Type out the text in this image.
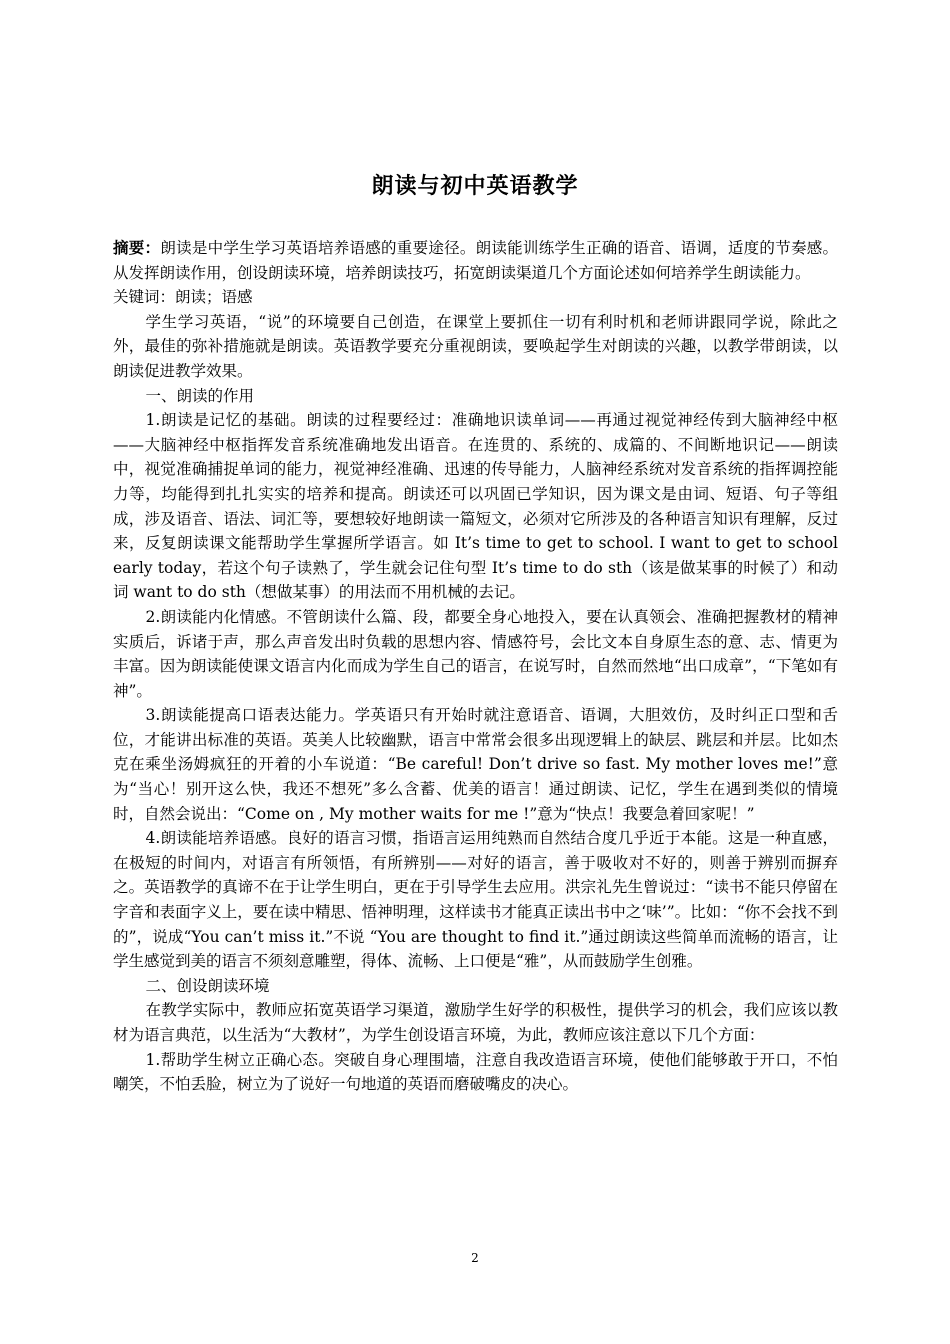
朗读与初中英语教学

摘要：朗读是中学生学习英语培养语感的重要途径。朗读能训练学生正确的语音、语调，适度的节奏感。从发挥朗读作用，创设朗读环境，培养朗读技巧，拓宽朗读渠道几个方面论述如何培养学生朗读能力。

关键词：朗读；语感

学生学习英语，“说”的环境要自己创造，在课堂上要抓住一切有利时机和老师讲跟同学说，除此之外，最佳的弥补措施就是朗读。英语教学要充分重视朗读，要唤起学生对朗读的兴趣，以教学带朗读，以朗读促进教学效果。

一、朗读的作用

1.朗读是记忆的基础。朗读的过程要经过：准确地识读单词——再通过视觉神经传到大脑神经中枢——大脑神经中枢指挥发音系统准确地发出语音。在连贯的、系统的、成篇的、不间断地识记——朗读中，视觉准确捕捉单词的能力，视觉神经准确、迅速的传导能力，人脑神经系统对发音系统的指挥调控能力等，均能得到扎扎实实的培养和提高。朗读还可以巩固已学知识，因为课文是由词、短语、句子等组成，涉及语音、语法、词汇等，要想较好地朗读一篇短文，必须对它所涉及的各种语言知识有理解，反过来，反复朗读课文能帮助学生掌握所学语言。如 It’s time to get to school. I want to get to school early today，若这个句子读熟了，学生就会记住句型 It’s time to do sth（该是做某事的时候了）和动词 want to do sth（想做某事）的用法而不用机械的去记。

2.朗读能内化情感。不管朗读什么篇、段，都要全身心地投入，要在认真领会、准确把握教材的精神实质后，诉诸于声，那么声音发出时负载的思想内容、情感符号，会比文本自身原生态的意、志、情更为丰富。因为朗读能使课文语言内化而成为学生自己的语言，在说写时，自然而然地“出口成章”，“下笔如有神”。

3.朗读能提高口语表达能力。学英语只有开始时就注意语音、语调，大胆效仿，及时纠正口型和舌位，才能讲出标准的英语。英美人比较幽默，语言中常常会很多出现逻辑上的缺层、跳层和并层。比如杰克在乘坐汤姆疯狂的开着的小车说道：“Be careful! Don’t drive so fast. My mother loves me!”意为“当心！别开这么快，我还不想死”多么含蓄、优美的语言！通过朗读、记忆，学生在遇到类似的情境时，自然会说出：“Come on , My mother waits for me !”意为“快点！我要急着回家呢！”

4.朗读能培养语感。良好的语言习惯，指语言运用纯熟而自然结合度几乎近于本能。这是一种直感，在极短的时间内，对语言有所领悟，有所辨别——对好的语言，善于吸收对不好的，则善于辨别而摒弃之。英语教学的真谛不在于让学生明白，更在于引导学生去应用。洪宗礼先生曾说过：“读书不能只停留在字音和表面字义上，要在读中精思、悟神明理，这样读书才能真正读出书中之‘味’”。比如：“你不会找不到的”，说成“You can’t miss it.”不说 “You are thought to find it.”通过朗读这些简单而流畅的语言，让学生感觉到美的语言不须刻意雕塑，得体、流畅、上口便是“雅”，从而鼓励学生创雅。

二、创设朗读环境

在教学实际中，教师应拓宽英语学习渠道，激励学生好学的积极性，提供学习的机会，我们应该以教材为语言典范，以生活为“大教材”，为学生创设语言环境，为此，教师应该注意以下几个方面：

1.帮助学生树立正确心态。突破自身心理围墙，注意自我改造语言环境，使他们能够敢于开口，不怕嘲笑，不怕丢脸，树立为了说好一句地道的英语而磨破嘴皮的决心。

2
